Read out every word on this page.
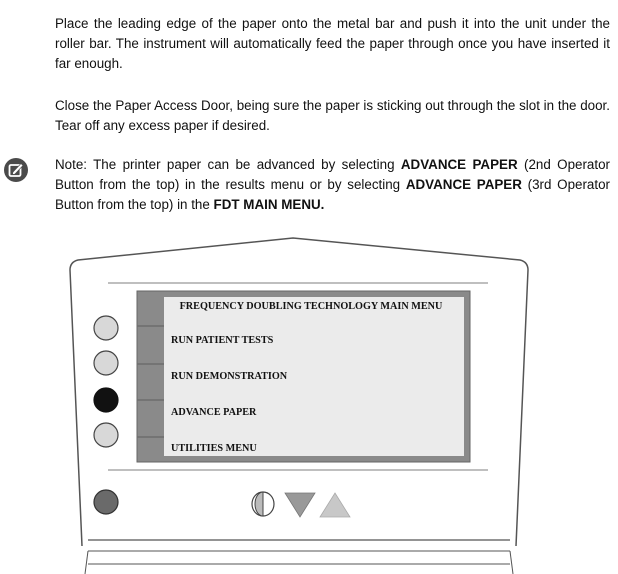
Place the leading edge of the paper onto the metal bar and push it into the unit under the roller bar. The instrument will automatically feed the paper through once you have inserted it far enough.

Close the Paper Access Door, being sure the paper is sticking out through the slot in the door. Tear off any excess paper if desired.

Note: The printer paper can be advanced by selecting ADVANCE PAPER (2nd Operator Button from the top) in the results menu or by selecting ADVANCE PAPER (3rd Operator Button from the top) in the FDT MAIN MENU.

FREQUENCY DOUBLING TECHNOLOGY MAIN MENU
RUN PATIENT TESTS
RUN DEMONSTRATION
ADVANCE PAPER
UTILITIES MENU
